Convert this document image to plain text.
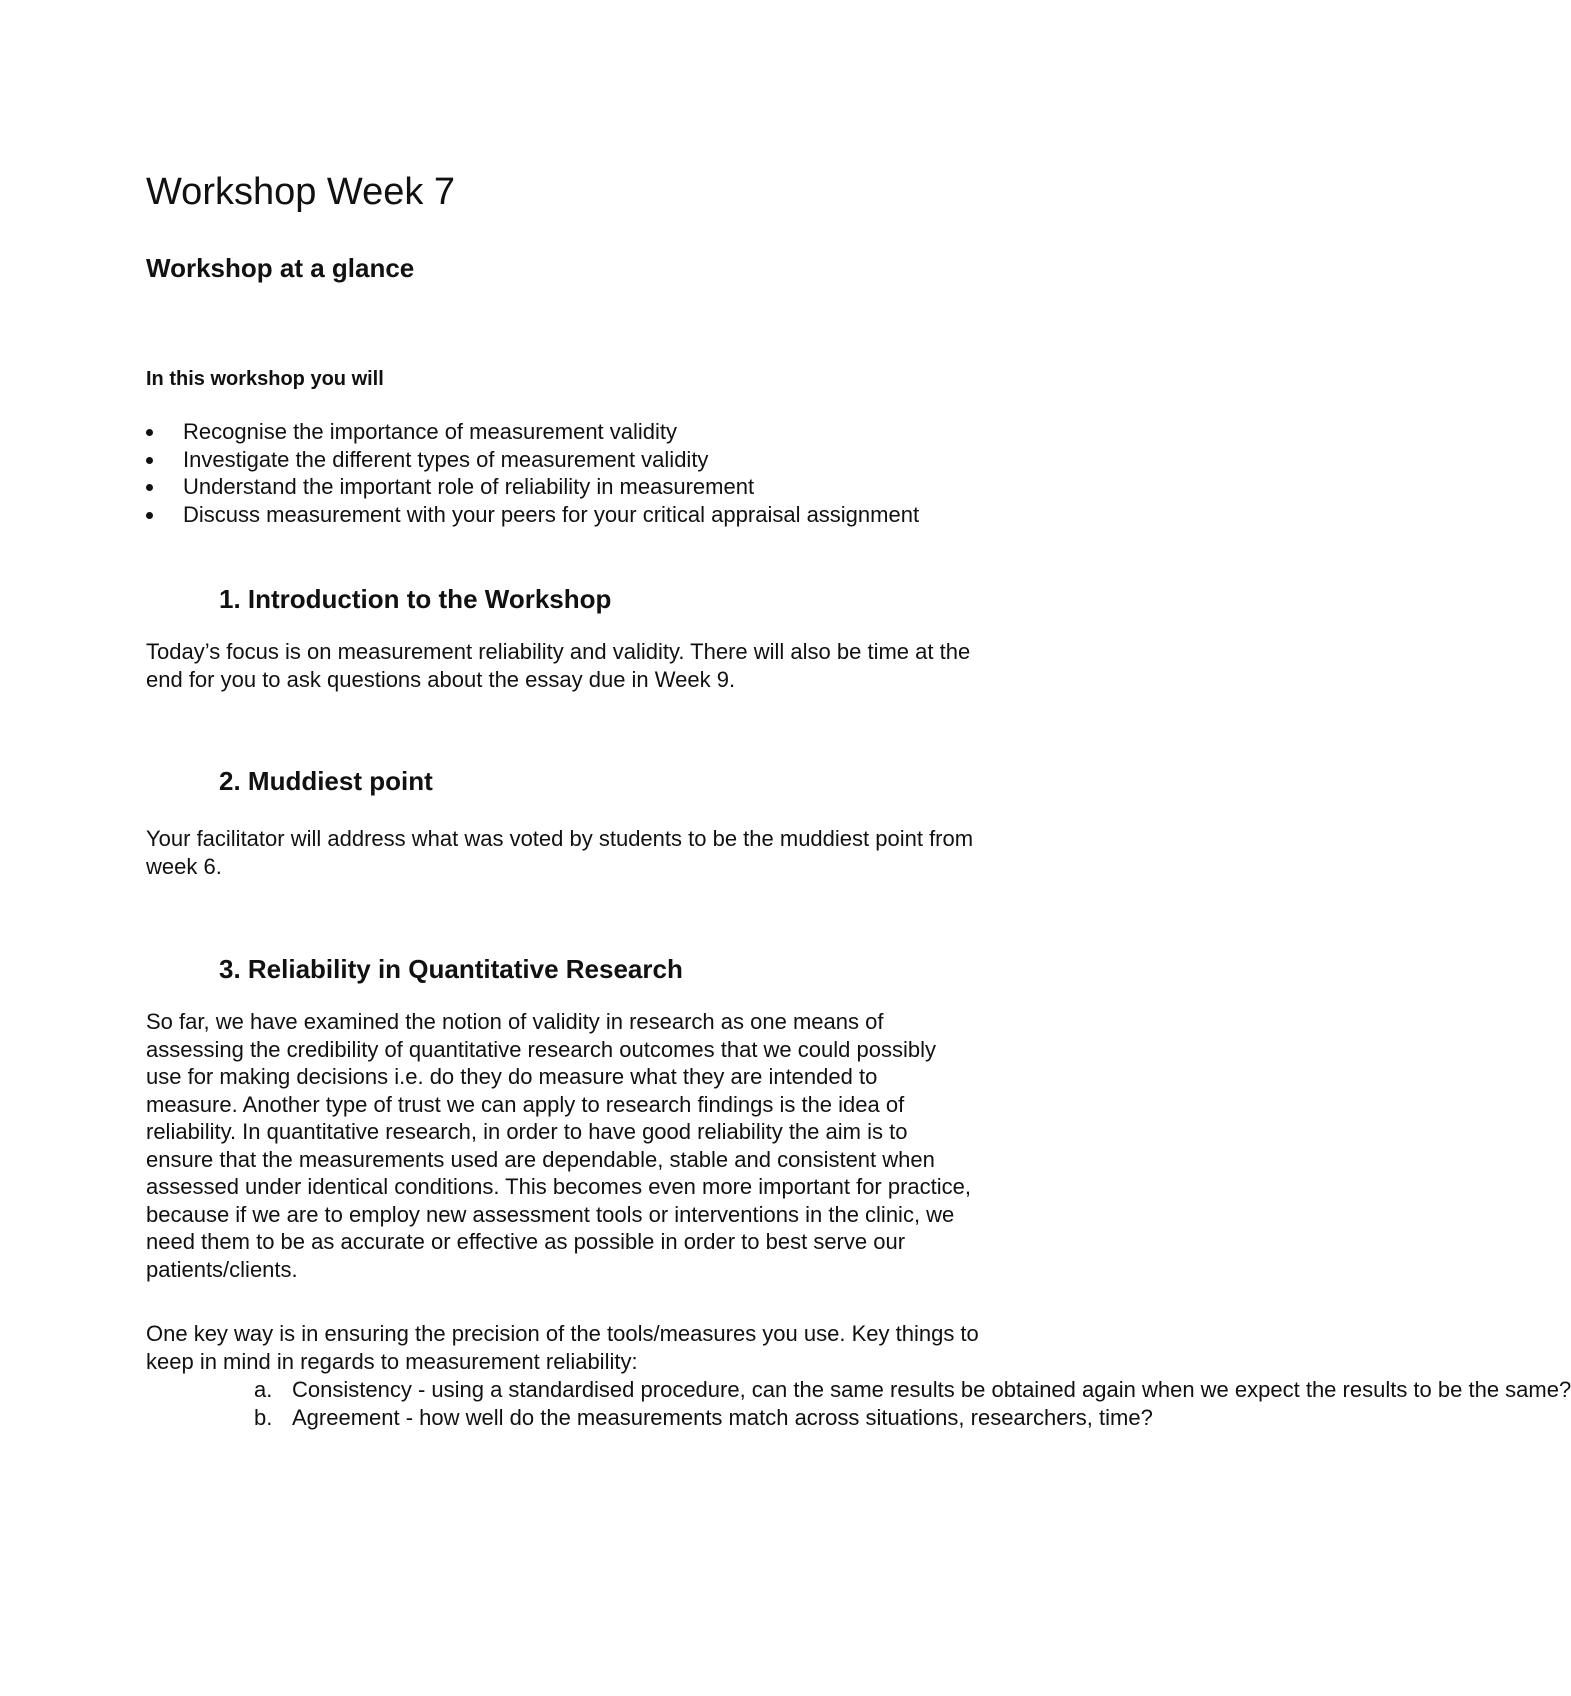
Workshop Week 7
Workshop at a glance

In this workshop you will

Recognise the importance of measurement validity
Investigate the different types of measurement validity
Understand the important role of reliability in measurement
Discuss measurement with your peers for your critical appraisal assignment
1. Introduction to the Workshop

Today’s focus is on measurement reliability and validity. There will also be time at the
end for you to ask questions about the essay due in Week 9.

2. Muddiest point

Your facilitator will address what was voted by students to be the muddiest point from
week 6.

3. Reliability in Quantitative Research

So far, we have examined the notion of validity in research as one means of
assessing the credibility of quantitative research outcomes that we could possibly
use for making decisions i.e. do they do measure what they are intended to
measure. Another type of trust we can apply to research findings is the idea of
reliability. In quantitative research, in order to have good reliability the aim is to
ensure that the measurements used are dependable, stable and consistent when
assessed under identical conditions. This becomes even more important for practice,
because if we are to employ new assessment tools or interventions in the clinic, we
need them to be as accurate or effective as possible in order to best serve our
patients/clients.

One key way is in ensuring the precision of the tools/measures you use. Key things to
keep in mind in regards to measurement reliability:

a. Consistency - using a standardised procedure, can the same results be obtained again when we expect the results to be the same?
b. Agreement - how well do the measurements match across situations, researchers, time?
